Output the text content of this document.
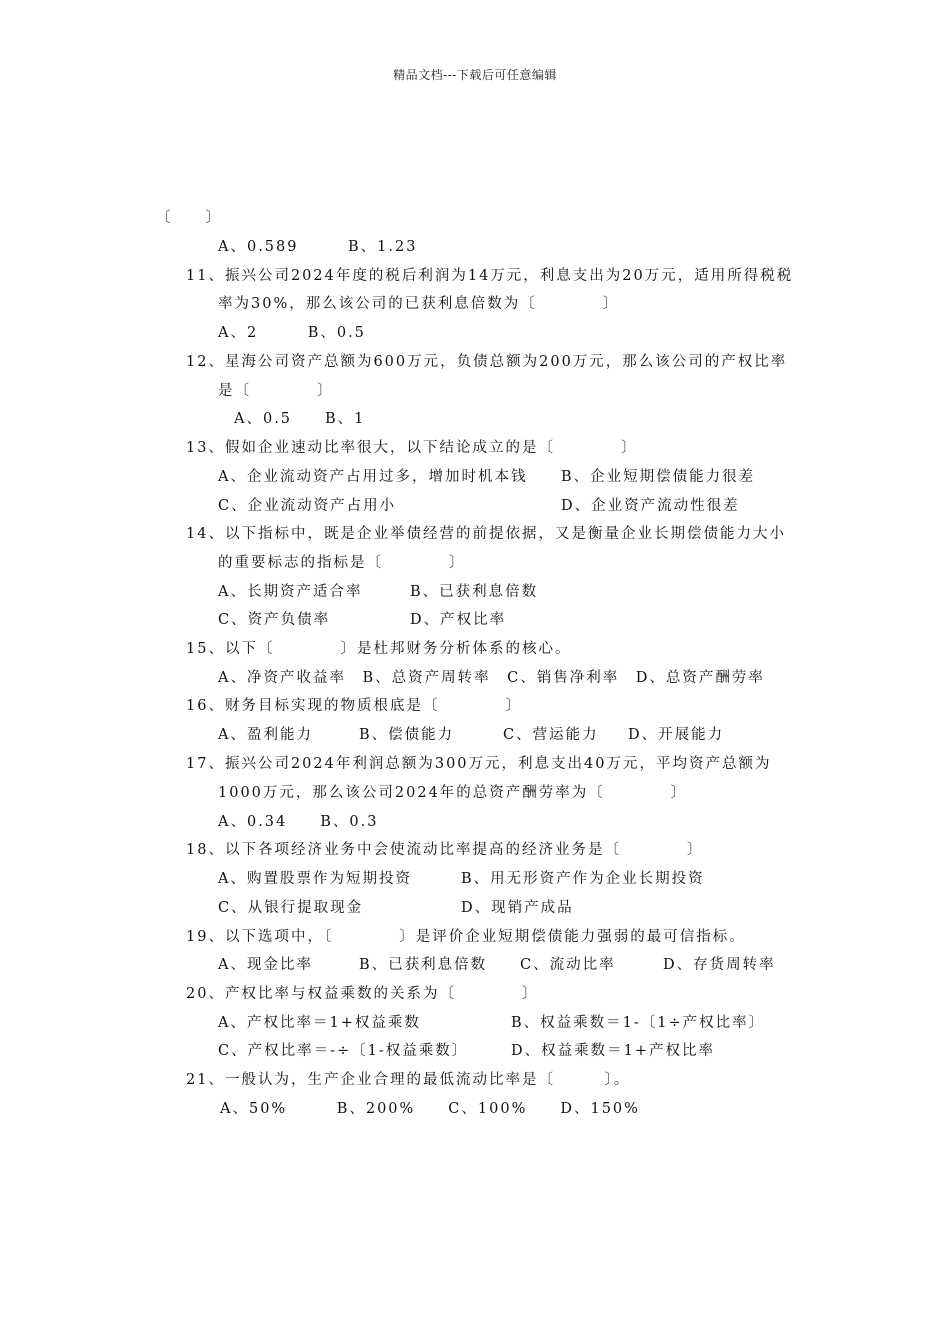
精品文档---下载后可任意编辑
〔　　〕
A、0.589　　　B、1.23
11、振兴公司2024年度的税后利润为14万元，利息支出为20万元，适用所得税税
率为30%，那么该公司的已获利息倍数为〔　　　　〕
A、2　　　B、0.5
12、星海公司资产总额为600万元，负债总额为200万元，那么该公司的产权比率
是〔　　　　〕
A、0.5　　B、1
13、假如企业速动比率很大，以下结论成立的是〔　　　　〕
A、企业流动资产占用过多，增加时机本钱 B、企业短期偿债能力很差
C、企业流动资产占用小	D、企业资产流动性很差
14、以下指标中，既是企业举债经营的前提依据，又是衡量企业长期偿债能力大小
的重要标志的指标是〔　　　　〕
A、长期资产适合率	B、已获利息倍数
C、资产负债率	D、产权比率
15、以下〔　　　　〕是杜邦财务分析体系的核心。
A、净资产收益率　B、总资产周转率　C、销售净利率　D、总资产酬劳率
16、财务目标实现的物质根底是〔　　　　〕
A、盈利能力	B、偿债能力	C、营运能力 D、开展能力
17、振兴公司2024年利润总额为300万元，利息支出40万元，平均资产总额为
1000万元，那么该公司2024年的总资产酬劳率为〔　　　　〕
A、0.34　　B、0.3
18、以下各项经济业务中会使流动比率提高的经济业务是〔　　　　〕
A、购置股票作为短期投资	B、用无形资产作为企业长期投资
C、从银行提取现金	D、现销产成品
19、以下选项中，〔　　　　〕是评价企业短期偿债能力强弱的最可信指标。
A、现金比率	B、已获利息倍数 C、流动比率	D、存货周转率
20、产权比率与权益乘数的关系为〔　　　　〕
A、产权比率＝1+权益乘数	B、权益乘数＝1-〔1÷产权比率〕
C、产权比率＝-÷〔1-权益乘数〕	D、权益乘数＝1+产权比率
21、一般认为，生产企业合理的最低流动比率是〔　　　〕。
A、50%　　　B、200%　　C、100%　　D、150%
